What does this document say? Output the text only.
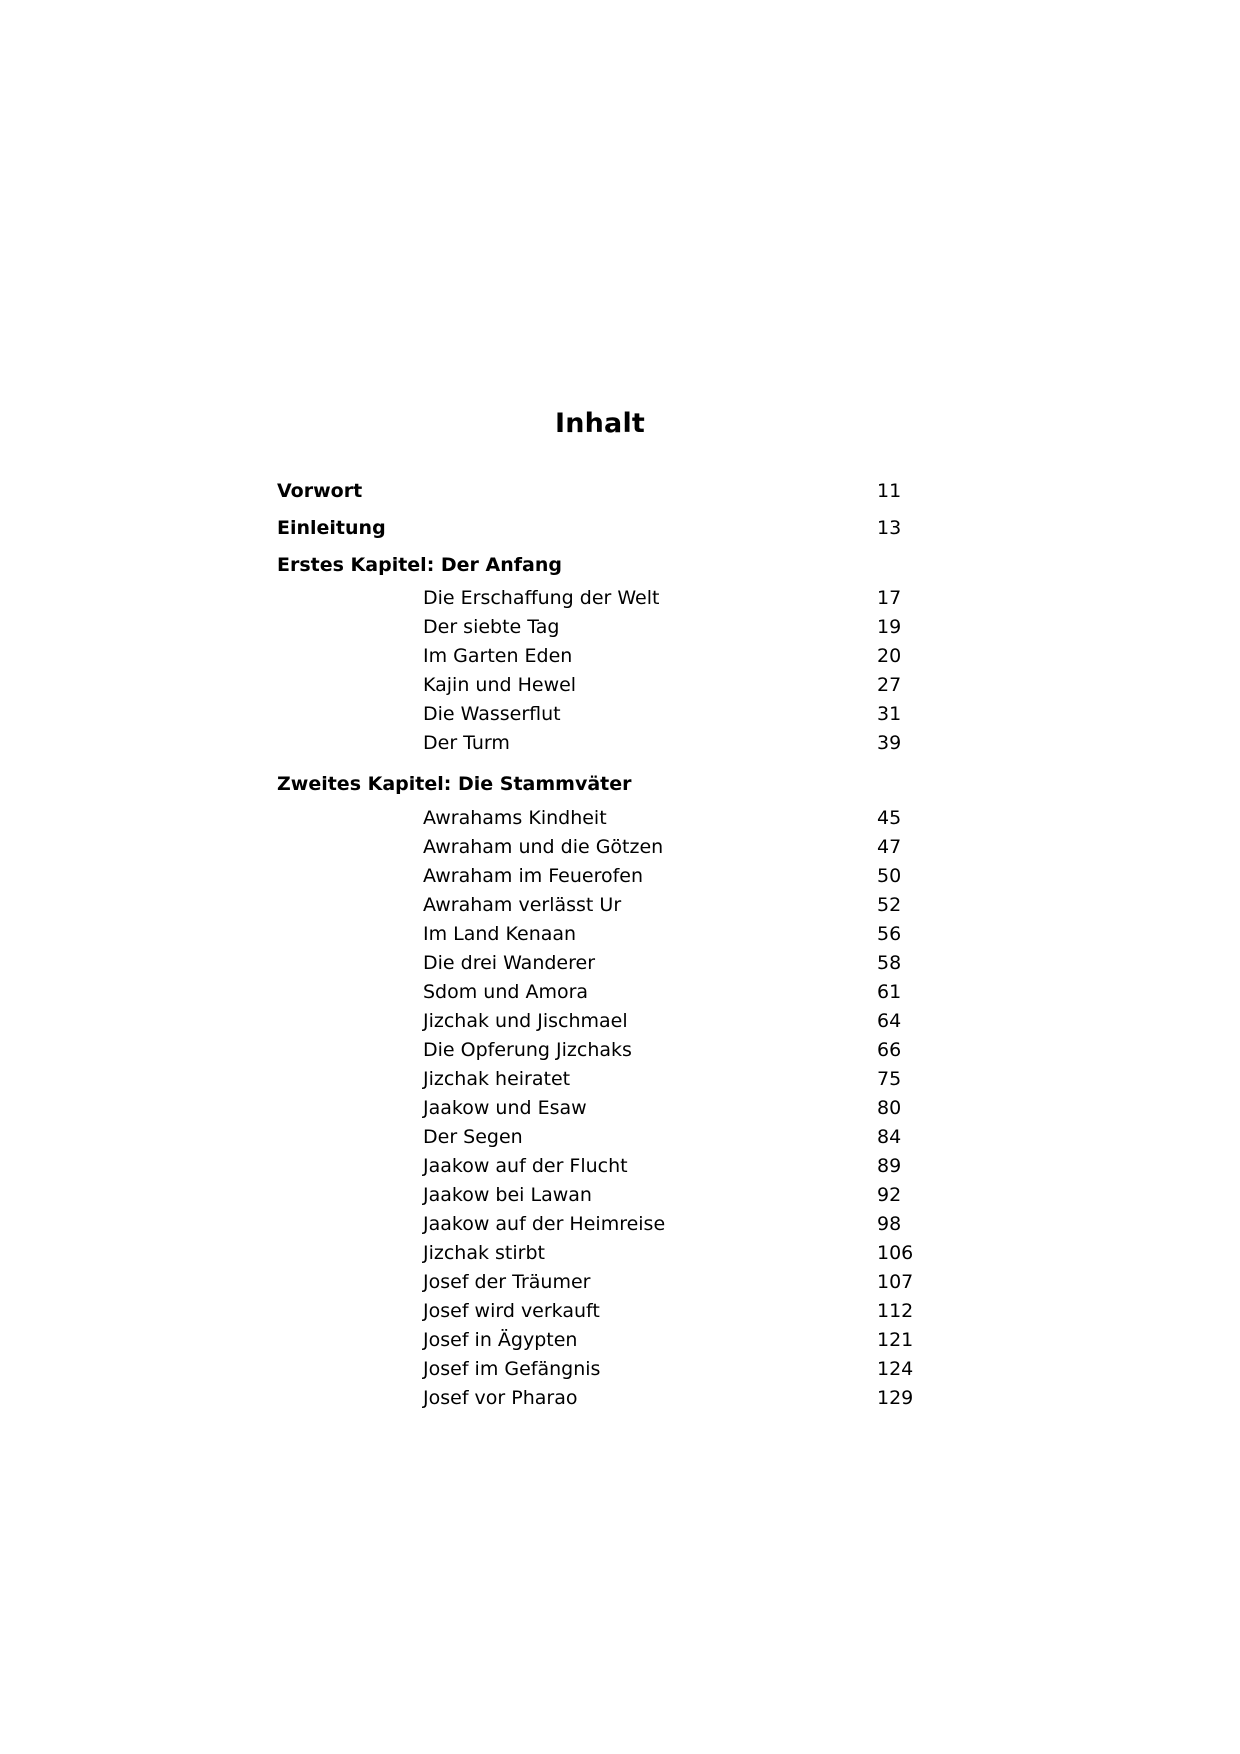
Inhalt
Vorwort	11
Einleitung	13
Erstes Kapitel: Der Anfang
Die Erschaffung der Welt	17
Der siebte Tag	19
Im Garten Eden	20
Kajin und Hewel	27
Die Wasserflut	31
Der Turm	39
Zweites Kapitel: Die Stammväter
Awrahams Kindheit	45
Awraham und die Götzen	47
Awraham im Feuerofen	50
Awraham verlässt Ur	52
Im Land Kenaan	56
Die drei Wanderer	58
Sdom und Amora	61
Jizchak und Jischmael	64
Die Opferung Jizchaks	66
Jizchak heiratet	75
Jaakow und Esaw	80
Der Segen	84
Jaakow auf der Flucht	89
Jaakow bei Lawan	92
Jaakow auf der Heimreise	98
Jizchak stirbt	106
Josef der Träumer	107
Josef wird verkauft	112
Josef in Ägypten	121
Josef im Gefängnis	124
Josef vor Pharao	129
